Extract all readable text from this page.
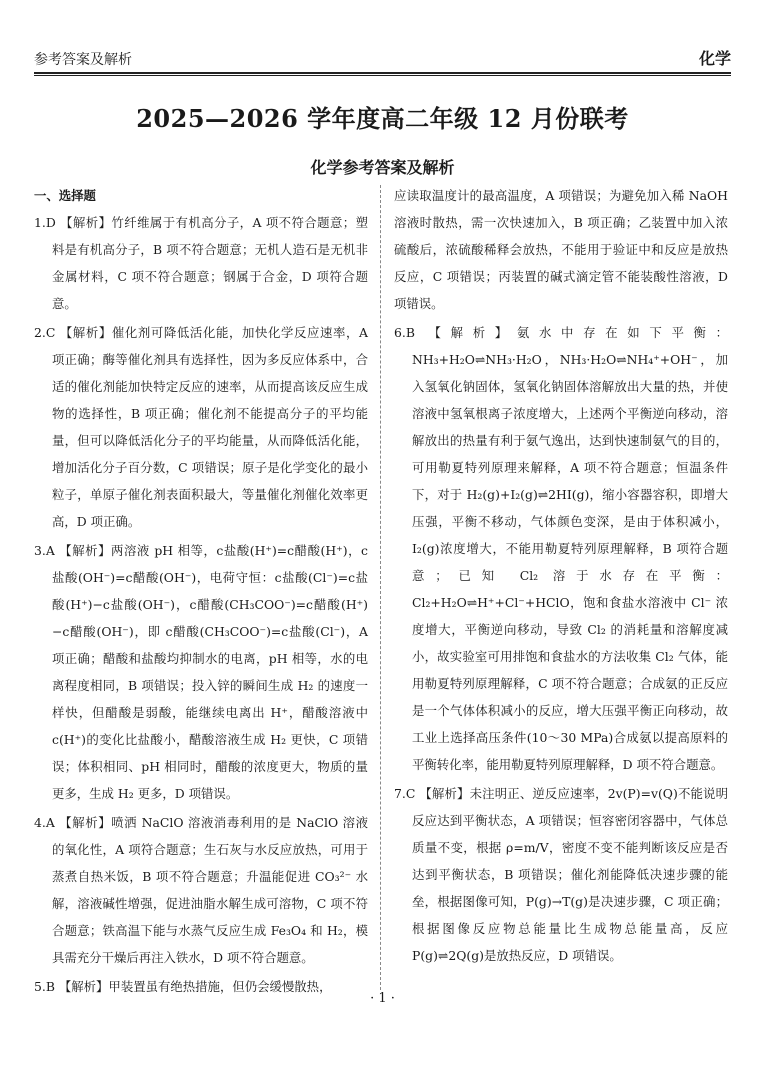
参考答案及解析	化学
2025—2026 学年度高二年级 12 月份联考
化学参考答案及解析
一、选择题

1.D 【解析】竹纤维属于有机高分子，A 项不符合题意；塑料是有机高分子，B 项不符合题意；无机人造石是无机非金属材料，C 项不符合题意；钢属于合金，D 项符合题意。

2.C 【解析】催化剂可降低活化能，加快化学反应速率，A 项正确；酶等催化剂具有选择性，因为多反应体系中，合适的催化剂能加快特定反应的速率，从而提高该反应生成物的选择性，B 项正确；催化剂不能提高分子的平均能量，但可以降低活化分子的平均能量，从而降低活化能，增加活化分子百分数，C 项错误；原子是化学变化的最小粒子，单原子催化剂表面积最大，等量催化剂催化效率更高，D 项正确。

3.A 【解析】两溶液 pH 相等，c盐酸(H⁺)=c醋酸(H⁺)，c盐酸(OH⁻)=c醋酸(OH⁻)，电荷守恒：c盐酸(Cl⁻)=c盐酸(H⁺)−c盐酸(OH⁻)，c醋酸(CH₃COO⁻)=c醋酸(H⁺)−c醋酸(OH⁻)，即 c醋酸(CH₃COO⁻)=c盐酸(Cl⁻)，A 项正确；醋酸和盐酸均抑制水的电离，pH 相等，水的电离程度相同，B 项错误；投入锌的瞬间生成 H₂ 的速度一样快，但醋酸是弱酸，能继续电离出 H⁺，醋酸溶液中 c(H⁺)的变化比盐酸小，醋酸溶液生成 H₂ 更快，C 项错误；体积相同、pH 相同时，醋酸的浓度更大，物质的量更多，生成 H₂ 更多，D 项错误。

4.A 【解析】喷洒 NaClO 溶液消毒利用的是 NaClO 溶液的氧化性，A 项符合题意；生石灰与水反应放热，可用于蒸煮自热米饭，B 项不符合题意；升温能促进 CO₃²⁻ 水解，溶液碱性增强，促进油脂水解生成可溶物，C 项不符合题意；铁高温下能与水蒸气反应生成 Fe₃O₄ 和 H₂，模具需充分干燥后再注入铁水，D 项不符合题意。

5.B 【解析】甲装置虽有绝热措施，但仍会缓慢散热，

应读取温度计的最高温度，A 项错误；为避免加入稀 NaOH 溶液时散热，需一次快速加入，B 项正确；乙装置中加入浓硫酸后，浓硫酸稀释会放热，不能用于验证中和反应是放热反应，C 项错误；丙装置的碱式滴定管不能装酸性溶液，D 项错误。

6.B 【解析】氨水中存在如下平衡：NH₃+H₂O⇌NH₃·H₂O，NH₃·H₂O⇌NH₄⁺+OH⁻，加入氢氧化钠固体，氢氧化钠固体溶解放出大量的热，并使溶液中氢氧根离子浓度增大，上述两个平衡逆向移动，溶解放出的热量有利于氨气逸出，达到快速制氨气的目的，可用勒夏特列原理来解释，A 项不符合题意；恒温条件下，对于 H₂(g)+I₂(g)⇌2HI(g)，缩小容器容积，即增大压强，平衡不移动，气体颜色变深，是由于体积减小，I₂(g)浓度增大，不能用勒夏特列原理解释，B 项符合题意；已知 Cl₂ 溶于水存在平衡：Cl₂+H₂O⇌H⁺+Cl⁻+HClO，饱和食盐水溶液中 Cl⁻ 浓度增大，平衡逆向移动，导致 Cl₂ 的消耗量和溶解度减小，故实验室可用排饱和食盐水的方法收集 Cl₂ 气体，能用勒夏特列原理解释，C 项不符合题意；合成氨的正反应是一个气体体积减小的反应，增大压强平衡正向移动，故工业上选择高压条件(10～30 MPa)合成氨以提高原料的平衡转化率，能用勒夏特列原理解释，D 项不符合题意。

7.C 【解析】未注明正、逆反应速率，2v(P)=v(Q)不能说明反应达到平衡状态，A 项错误；恒容密闭容器中，气体总质量不变，根据 ρ=m/V，密度不变不能判断该反应是否达到平衡状态，B 项错误；催化剂能降低决速步骤的能垒，根据图像可知，P(g)→T(g)是决速步骤，C 项正确；根据图像反应物总能量比生成物总能量高，反应 P(g)⇌2Q(g)是放热反应，D 项错误。

· 1 ·
